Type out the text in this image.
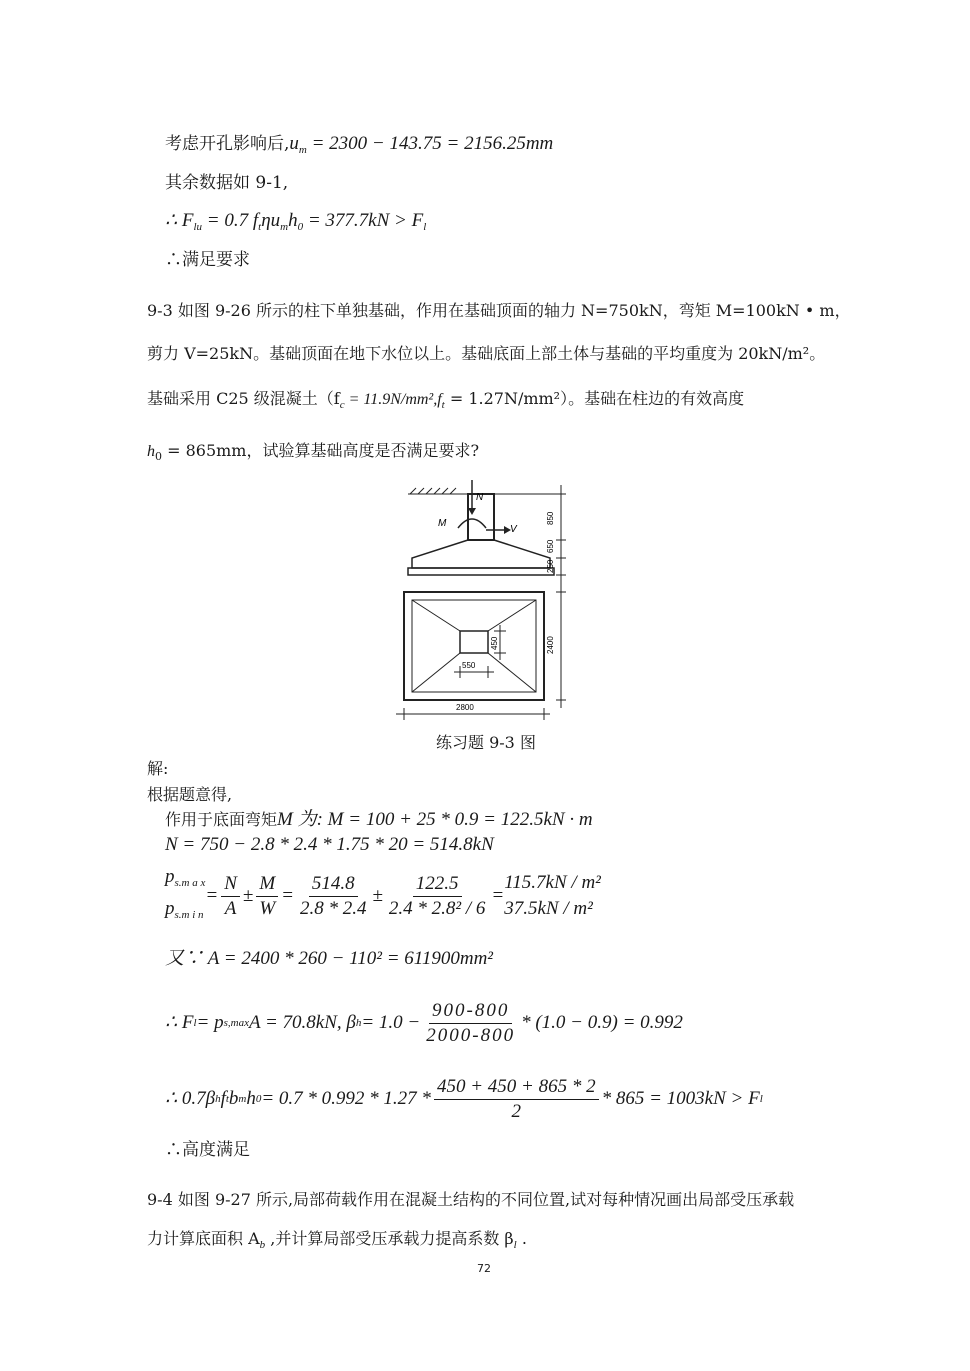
考虑开孔影响后$,u_m = 2300 - 143.75 = 2156.25mm$
其余数据如 9-1,
∴ $F_{lu} = 0.7$ $f_t\eta u_mh_0 = 377.7kN > F_l$
∴满足要求
9-3 如图 9-26 所示的柱下单独基础，作用在基础顶面的轴力 N=750kN，弯矩 M=100kN • m，
剪力 V=25kN。基础顶面在地下水位以上。基础底面上部土体与基础的平均重度为 20kN/m²。
基础采用 C25 级混凝土$(f_c = 11.9N/mm^2,f_t = 1.27N/mm^2)$。基础在柱边的有效高度
$h_0 = 865mm$，试验算基础高度是否满足要求?
N
M
V
850
650
250
2400
450
550
2800
练习题 9-3 图
解:
根据题意得,
作用于底面弯矩M 为: M = 100 + 25 * 0.9 = 122.5kN · m
N = 750 − 2.8 * 2.4 * 1.75 * 20 = 514.8kN
$p_{s.m a x}$
$p_{s.m i n}$
= $\frac{N}{A} \pm \frac{M}{W} = \frac{514.8}{2.8 * 2.4} \pm \frac{122.5}{\text{2.4 * 2.8² / 6}}$ =
115.7kN / m²
37.5kN / m²
又∵ A = 2400 * 260 − 110² = 611900mm²
∴ F l = p s,max A = 70.8kN, β $h = 1.0 - \frac{900-800}{2000-800} * (1.0 - 0.9) = 0.992$
∴ 0.7β h f t b m h $0 = 0.7 * 0.992 * 1.27 * \frac{450 + 450 + 865 * 2}{2} * 865 = 1003kN > F$ l
∴高度满足
9-4 如图 9-27 所示,局部荷载作用在混凝土结构的不同位置,试对每种情况画出局部受压承载
力计算底面积 $A_b$ ,并计算局部受压承载力提高系数 $\beta_l$ .
72
